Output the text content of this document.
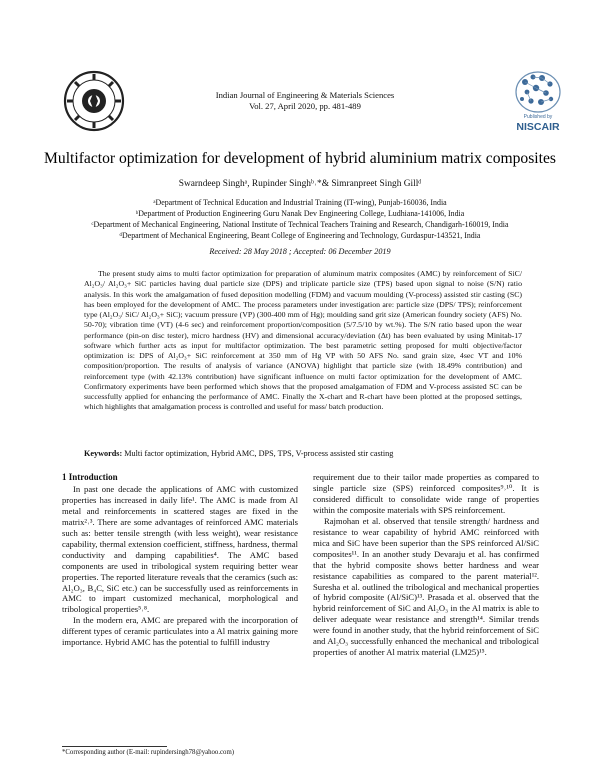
Indian Journal of Engineering & Materials Sciences
Vol. 27, April 2020, pp. 481-489
Published by
NISCAIR
Multifactor optimization for development of hybrid aluminium matrix composites
Swarndeep Singhᵃ, Rupinder Singhᵇ˒*& Simranpreet Singh Gillᵈ
ᵃDepartment of Technical Education and Industrial Training (IT-wing), Punjab-160036, India
ᵇDepartment of Production Engineering Guru Nanak Dev Engineering College, Ludhiana-141006, India
ᶜDepartment of Mechanical Engineering, National Institute of Technical Teachers Training and Research, Chandigarh-160019, India
ᵈDepartment of Mechanical Engineering, Beant College of Engineering and Technology, Gurdaspur-143521, India
Received: 28 May 2018 ; Accepted: 06 December 2019

The present study aims to multi factor optimization for preparation of aluminum matrix composites (AMC) by reinforcement of SiC/ Al₂O₃/ Al₂O₃+ SiC particles having dual particle size (DPS) and triplicate particle size (TPS) based upon signal to noise (S/N) ratio analysis. In this work the amalgamation of fused deposition modelling (FDM) and vacuum moulding (V-process) assisted stir casting (SC) has been employed for the development of AMC. The process parameters under investigation are: particle size (DPS/ TPS); reinforcement type (Al₂O₃/ SiC/ Al₂O₃+ SiC); vacuum pressure (VP) (300-400 mm of Hg); moulding sand grit size (American foundry society (AFS) No. 50-70); vibration time (VT) (4-6 sec) and reinforcement proportion/composition (5/7.5/10 by wt.%). The S/N ratio based upon the wear performance (pin-on disc tester), micro hardness (HV) and dimensional accuracy/deviation (Δt) has been evaluated by using Minitab-17 software which further acts as input for multifactor optimization. The best parametric setting proposed for multi objective/factor optimization is: DPS of Al₂O₃+ SiC reinforcement at 350 mm of Hg VP with 50 AFS No. sand grain size, 4sec VT and 10% composition/proportion. The results of analysis of variance (ANOVA) highlight that particle size (with 18.49% contribution) and reinforcement type (with 42.13% contribution) have significant influence on multi factor optimization for the development of AMC. Confirmatory experiments have been performed which shows that the proposed amalgamation of FDM and V-process assisted SC can be successfully applied for enhancing the performance of AMC. Finally the X-chart and R-chart have been plotted at the proposed settings, which highlights that amalgamation process is controlled and useful for mass/ batch production.

Keywords: Multi factor optimization, Hybrid AMC, DPS, TPS, V-process assisted stir casting
1 Introduction

In past one decade the applications of AMC with customized properties has increased in daily life¹. The AMC is made from Al metal and reinforcements in scattered stages are fixed in the matrix²˒³. There are some advantages of reinforced AMC materials such as: better tensile strength (with less weight), wear resistance capability, thermal extension coefficient, stiffness, hardness, thermal conductivity and damping capabilities⁴. The AMC based components are used in tribological system requiring better wear properties. The reported literature reveals that the ceramics (such as: Al₂O₃, B₄C, SiC etc.) can be successfully used as reinforcements in AMC to impart customized mechanical, morphological and tribological properties⁵˒⁸.

In the modern era, AMC are prepared with the incorporation of different types of ceramic particulates into a Al matrix gaining more importance. Hybrid AMC has the potential to fulfill industry

requirement due to their tailor made properties as compared to single particle size (SPS) reinforced composites⁹˒¹⁰. It is considered difficult to consolidate wide range of properties within the composite materials with SPS reinforcement.

Rajmohan et al. observed that tensile strength/ hardness and resistance to wear capability of hybrid AMC reinforced with mica and SiC have been superior than the SPS reinforced Al/SiC composites¹¹. In an another study Devaraju et al. has confirmed that the hybrid composite shows better hardness and wear resistance capabilities as compared to the parent material¹². Suresha et al. outlined the tribological and mechanical properties of hybrid composite (Al/SiC)¹³. Prasada et al. observed that the hybrid reinforcement of SiC and Al₂O₃ in the Al matrix is able to deliver adequate wear resistance and strength¹⁴. Similar trends were found in another study, that the hybrid reinforcement of SiC and Al₂O₃ successfully enhanced the mechanical and tribological properties of another Al matrix material (LM25)¹⁵.

*Corresponding author (E-mail: rupindersingh78@yahoo.com)
